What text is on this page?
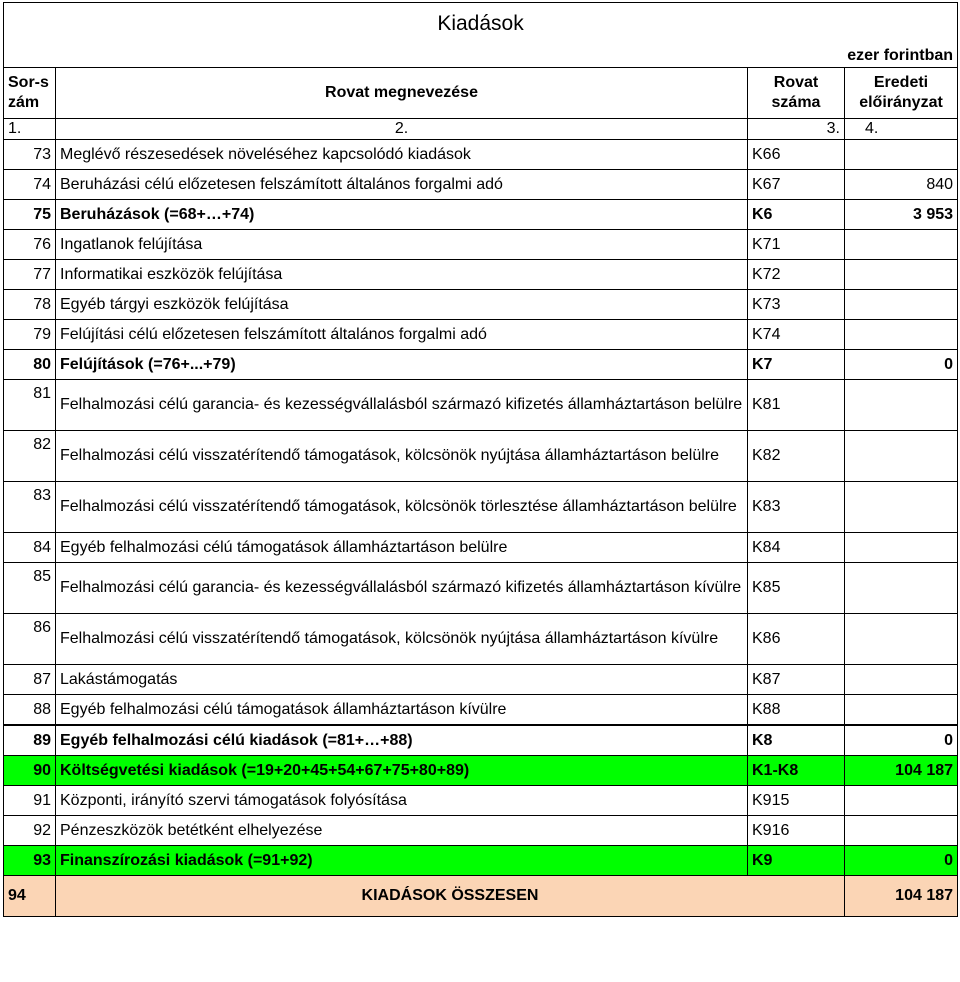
Kiadások			
ezer forintban			
Sor-szám	Rovat megnevezése	Rovat száma	Eredeti előirányzat
1.	2.	3.	4.
73	Meglévő részesedések növeléséhez kapcsolódó kiadások	K66	
74	Beruházási célú előzetesen felszámított általános forgalmi adó	K67	840
75	Beruházások (=68+…+74)	K6	3 953
76	Ingatlanok felújítása	K71	
77	Informatikai eszközök felújítása	K72	
78	Egyéb tárgyi eszközök felújítása	K73	
79	Felújítási célú előzetesen felszámított általános forgalmi adó	K74	
80	Felújítások (=76+...+79)	K7	0
81	Felhalmozási célú garancia- és kezességvállalásból származó kifizetés államháztartáson belülre	K81	
82	Felhalmozási célú visszatérítendő támogatások, kölcsönök nyújtása államháztartáson belülre	K82	
83	Felhalmozási célú visszatérítendő támogatások, kölcsönök törlesztése államháztartáson belülre	K83	
84	Egyéb felhalmozási célú támogatások államháztartáson belülre	K84	
85	Felhalmozási célú garancia- és kezességvállalásból származó kifizetés államháztartáson kívülre	K85	
86	Felhalmozási célú visszatérítendő támogatások, kölcsönök nyújtása államháztartáson kívülre	K86	
87	Lakástámogatás	K87	
88	Egyéb felhalmozási célú támogatások államháztartáson kívülre	K88	
89	Egyéb felhalmozási célú kiadások (=81+…+88)	K8	0
90	Költségvetési kiadások (=19+20+45+54+67+75+80+89)	K1-K8	104 187
91	Központi, irányító szervi támogatások folyósítása	K915	
92	Pénzeszközök betétként elhelyezése	K916	
93	Finanszírozási kiadások (=91+92)	K9	0
94	KIADÁSOK ÖSSZESEN		104 187
